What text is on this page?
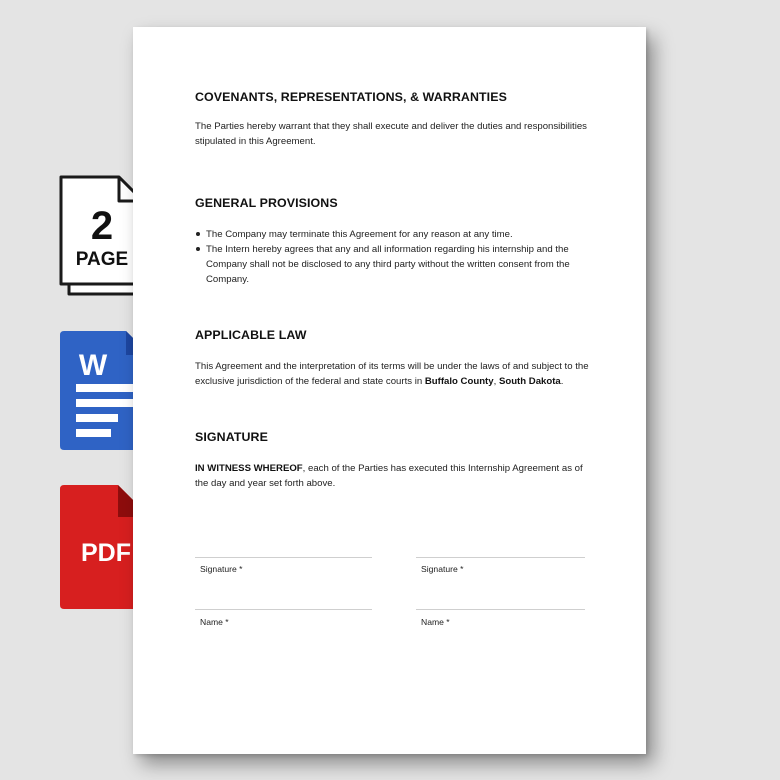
2
PAGE
W
PDF
COVENANTS, REPRESENTATIONS, & WARRANTIES

The Parties hereby warrant that they shall execute and deliver the duties and responsibilities stipulated in this Agreement.

GENERAL PROVISIONS
The Company may terminate this Agreement for any reason at any time.
The Intern hereby agrees that any and all information regarding his internship and the Company shall not be disclosed to any third party without the written consent from the Company.
APPLICABLE LAW

This Agreement and the interpretation of its terms will be under the laws of and subject to the exclusive jurisdiction of the federal and state courts in Buffalo County, South Dakota.

SIGNATURE

IN WITNESS WHEREOF, each of the Parties has executed this Internship Agreement as of the day and year set forth above.

Signature *
Name *
Signature *
Name *
